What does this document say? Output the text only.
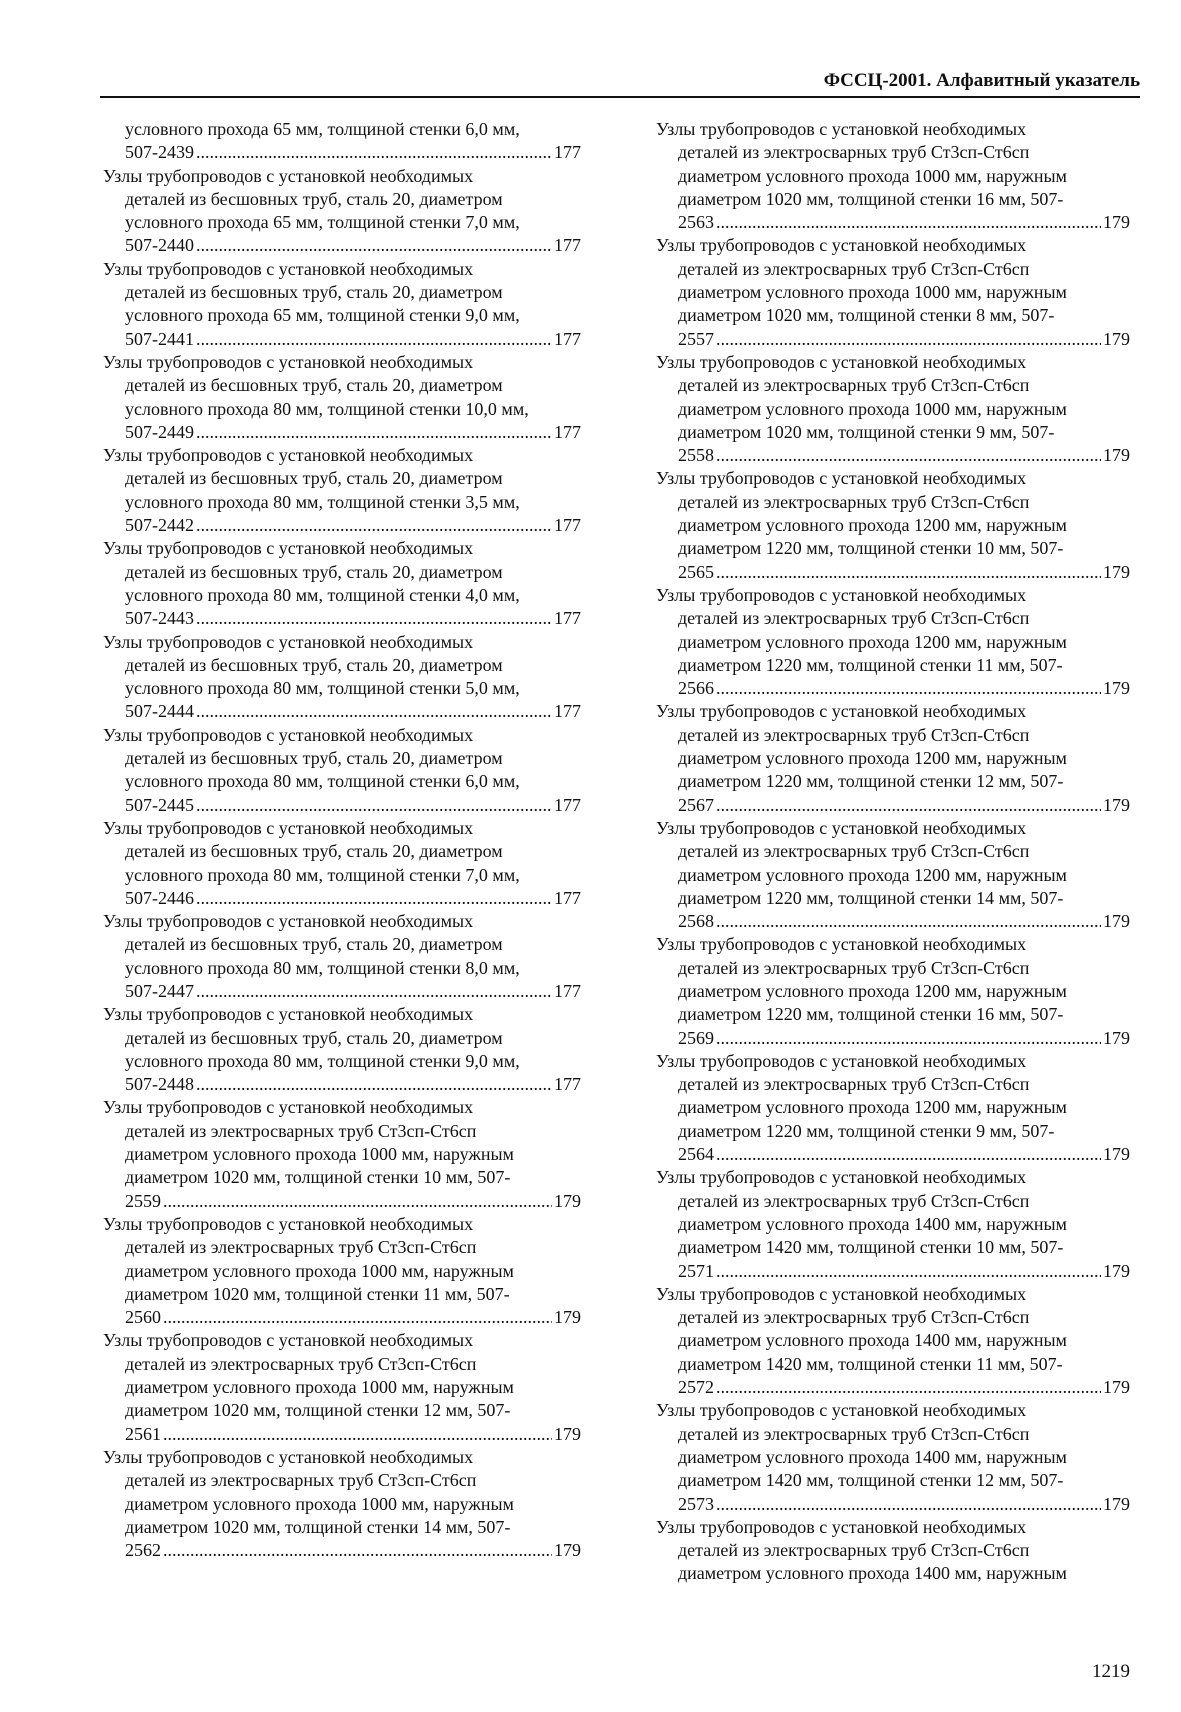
ФССЦ-2001. Алфавитный указатель
условного прохода 65 мм, толщиной стенки 6,0 мм,
507-2439 .....	177
Узлы трубопроводов с установкой необходимых
деталей из бесшовных труб, сталь 20, диаметром
условного прохода 65 мм, толщиной стенки 7,0 мм,
507-2440 .....	177
Узлы трубопроводов с установкой необходимых
деталей из бесшовных труб, сталь 20, диаметром
условного прохода 65 мм, толщиной стенки 9,0 мм,
507-2441 .....	177
Узлы трубопроводов с установкой необходимых
деталей из бесшовных труб, сталь 20, диаметром
условного прохода 80 мм, толщиной стенки 10,0 мм,
507-2449 .....	177
Узлы трубопроводов с установкой необходимых
деталей из бесшовных труб, сталь 20, диаметром
условного прохода 80 мм, толщиной стенки 3,5 мм,
507-2442 .....	177
Узлы трубопроводов с установкой необходимых
деталей из бесшовных труб, сталь 20, диаметром
условного прохода 80 мм, толщиной стенки 4,0 мм,
507-2443 .....	177
Узлы трубопроводов с установкой необходимых
деталей из бесшовных труб, сталь 20, диаметром
условного прохода 80 мм, толщиной стенки 5,0 мм,
507-2444 .....	177
Узлы трубопроводов с установкой необходимых
деталей из бесшовных труб, сталь 20, диаметром
условного прохода 80 мм, толщиной стенки 6,0 мм,
507-2445 .....	177
Узлы трубопроводов с установкой необходимых
деталей из бесшовных труб, сталь 20, диаметром
условного прохода 80 мм, толщиной стенки 7,0 мм,
507-2446 .....	177
Узлы трубопроводов с установкой необходимых
деталей из бесшовных труб, сталь 20, диаметром
условного прохода 80 мм, толщиной стенки 8,0 мм,
507-2447 .....	177
Узлы трубопроводов с установкой необходимых
деталей из бесшовных труб, сталь 20, диаметром
условного прохода 80 мм, толщиной стенки 9,0 мм,
507-2448 .....	177
Узлы трубопроводов с установкой необходимых
деталей из электросварных труб Ст3сп-Ст6сп
диаметром условного прохода 1000 мм, наружным
диаметром 1020 мм, толщиной стенки 10 мм, 507-
2559 .....	179
Узлы трубопроводов с установкой необходимых
деталей из электросварных труб Ст3сп-Ст6сп
диаметром условного прохода 1000 мм, наружным
диаметром 1020 мм, толщиной стенки 11 мм, 507-
2560 .....	179
Узлы трубопроводов с установкой необходимых
деталей из электросварных труб Ст3сп-Ст6сп
диаметром условного прохода 1000 мм, наружным
диаметром 1020 мм, толщиной стенки 12 мм, 507-
2561 .....	179
Узлы трубопроводов с установкой необходимых
деталей из электросварных труб Ст3сп-Ст6сп
диаметром условного прохода 1000 мм, наружным
диаметром 1020 мм, толщиной стенки 14 мм, 507-
2562 .....	179
Узлы трубопроводов с установкой необходимых
деталей из электросварных труб Ст3сп-Ст6сп
диаметром условного прохода 1000 мм, наружным
диаметром 1020 мм, толщиной стенки 16 мм, 507-
2563 .....	179
Узлы трубопроводов с установкой необходимых
деталей из электросварных труб Ст3сп-Ст6сп
диаметром условного прохода 1000 мм, наружным
диаметром 1020 мм, толщиной стенки 8 мм, 507-
2557 .....	179
Узлы трубопроводов с установкой необходимых
деталей из электросварных труб Ст3сп-Ст6сп
диаметром условного прохода 1000 мм, наружным
диаметром 1020 мм, толщиной стенки 9 мм, 507-
2558 .....	179
Узлы трубопроводов с установкой необходимых
деталей из электросварных труб Ст3сп-Ст6сп
диаметром условного прохода 1200 мм, наружным
диаметром 1220 мм, толщиной стенки 10 мм, 507-
2565 .....	179
Узлы трубопроводов с установкой необходимых
деталей из электросварных труб Ст3сп-Ст6сп
диаметром условного прохода 1200 мм, наружным
диаметром 1220 мм, толщиной стенки 11 мм, 507-
2566 .....	179
Узлы трубопроводов с установкой необходимых
деталей из электросварных труб Ст3сп-Ст6сп
диаметром условного прохода 1200 мм, наружным
диаметром 1220 мм, толщиной стенки 12 мм, 507-
2567 .....	179
Узлы трубопроводов с установкой необходимых
деталей из электросварных труб Ст3сп-Ст6сп
диаметром условного прохода 1200 мм, наружным
диаметром 1220 мм, толщиной стенки 14 мм, 507-
2568 .....	179
Узлы трубопроводов с установкой необходимых
деталей из электросварных труб Ст3сп-Ст6сп
диаметром условного прохода 1200 мм, наружным
диаметром 1220 мм, толщиной стенки 16 мм, 507-
2569 .....	179
Узлы трубопроводов с установкой необходимых
деталей из электросварных труб Ст3сп-Ст6сп
диаметром условного прохода 1200 мм, наружным
диаметром 1220 мм, толщиной стенки 9 мм, 507-
2564 .....	179
Узлы трубопроводов с установкой необходимых
деталей из электросварных труб Ст3сп-Ст6сп
диаметром условного прохода 1400 мм, наружным
диаметром 1420 мм, толщиной стенки 10 мм, 507-
2571 .....	179
Узлы трубопроводов с установкой необходимых
деталей из электросварных труб Ст3сп-Ст6сп
диаметром условного прохода 1400 мм, наружным
диаметром 1420 мм, толщиной стенки 11 мм, 507-
2572 .....	179
Узлы трубопроводов с установкой необходимых
деталей из электросварных труб Ст3сп-Ст6сп
диаметром условного прохода 1400 мм, наружным
диаметром 1420 мм, толщиной стенки 12 мм, 507-
2573 .....	179
Узлы трубопроводов с установкой необходимых
деталей из электросварных труб Ст3сп-Ст6сп
диаметром условного прохода 1400 мм, наружным
1219
